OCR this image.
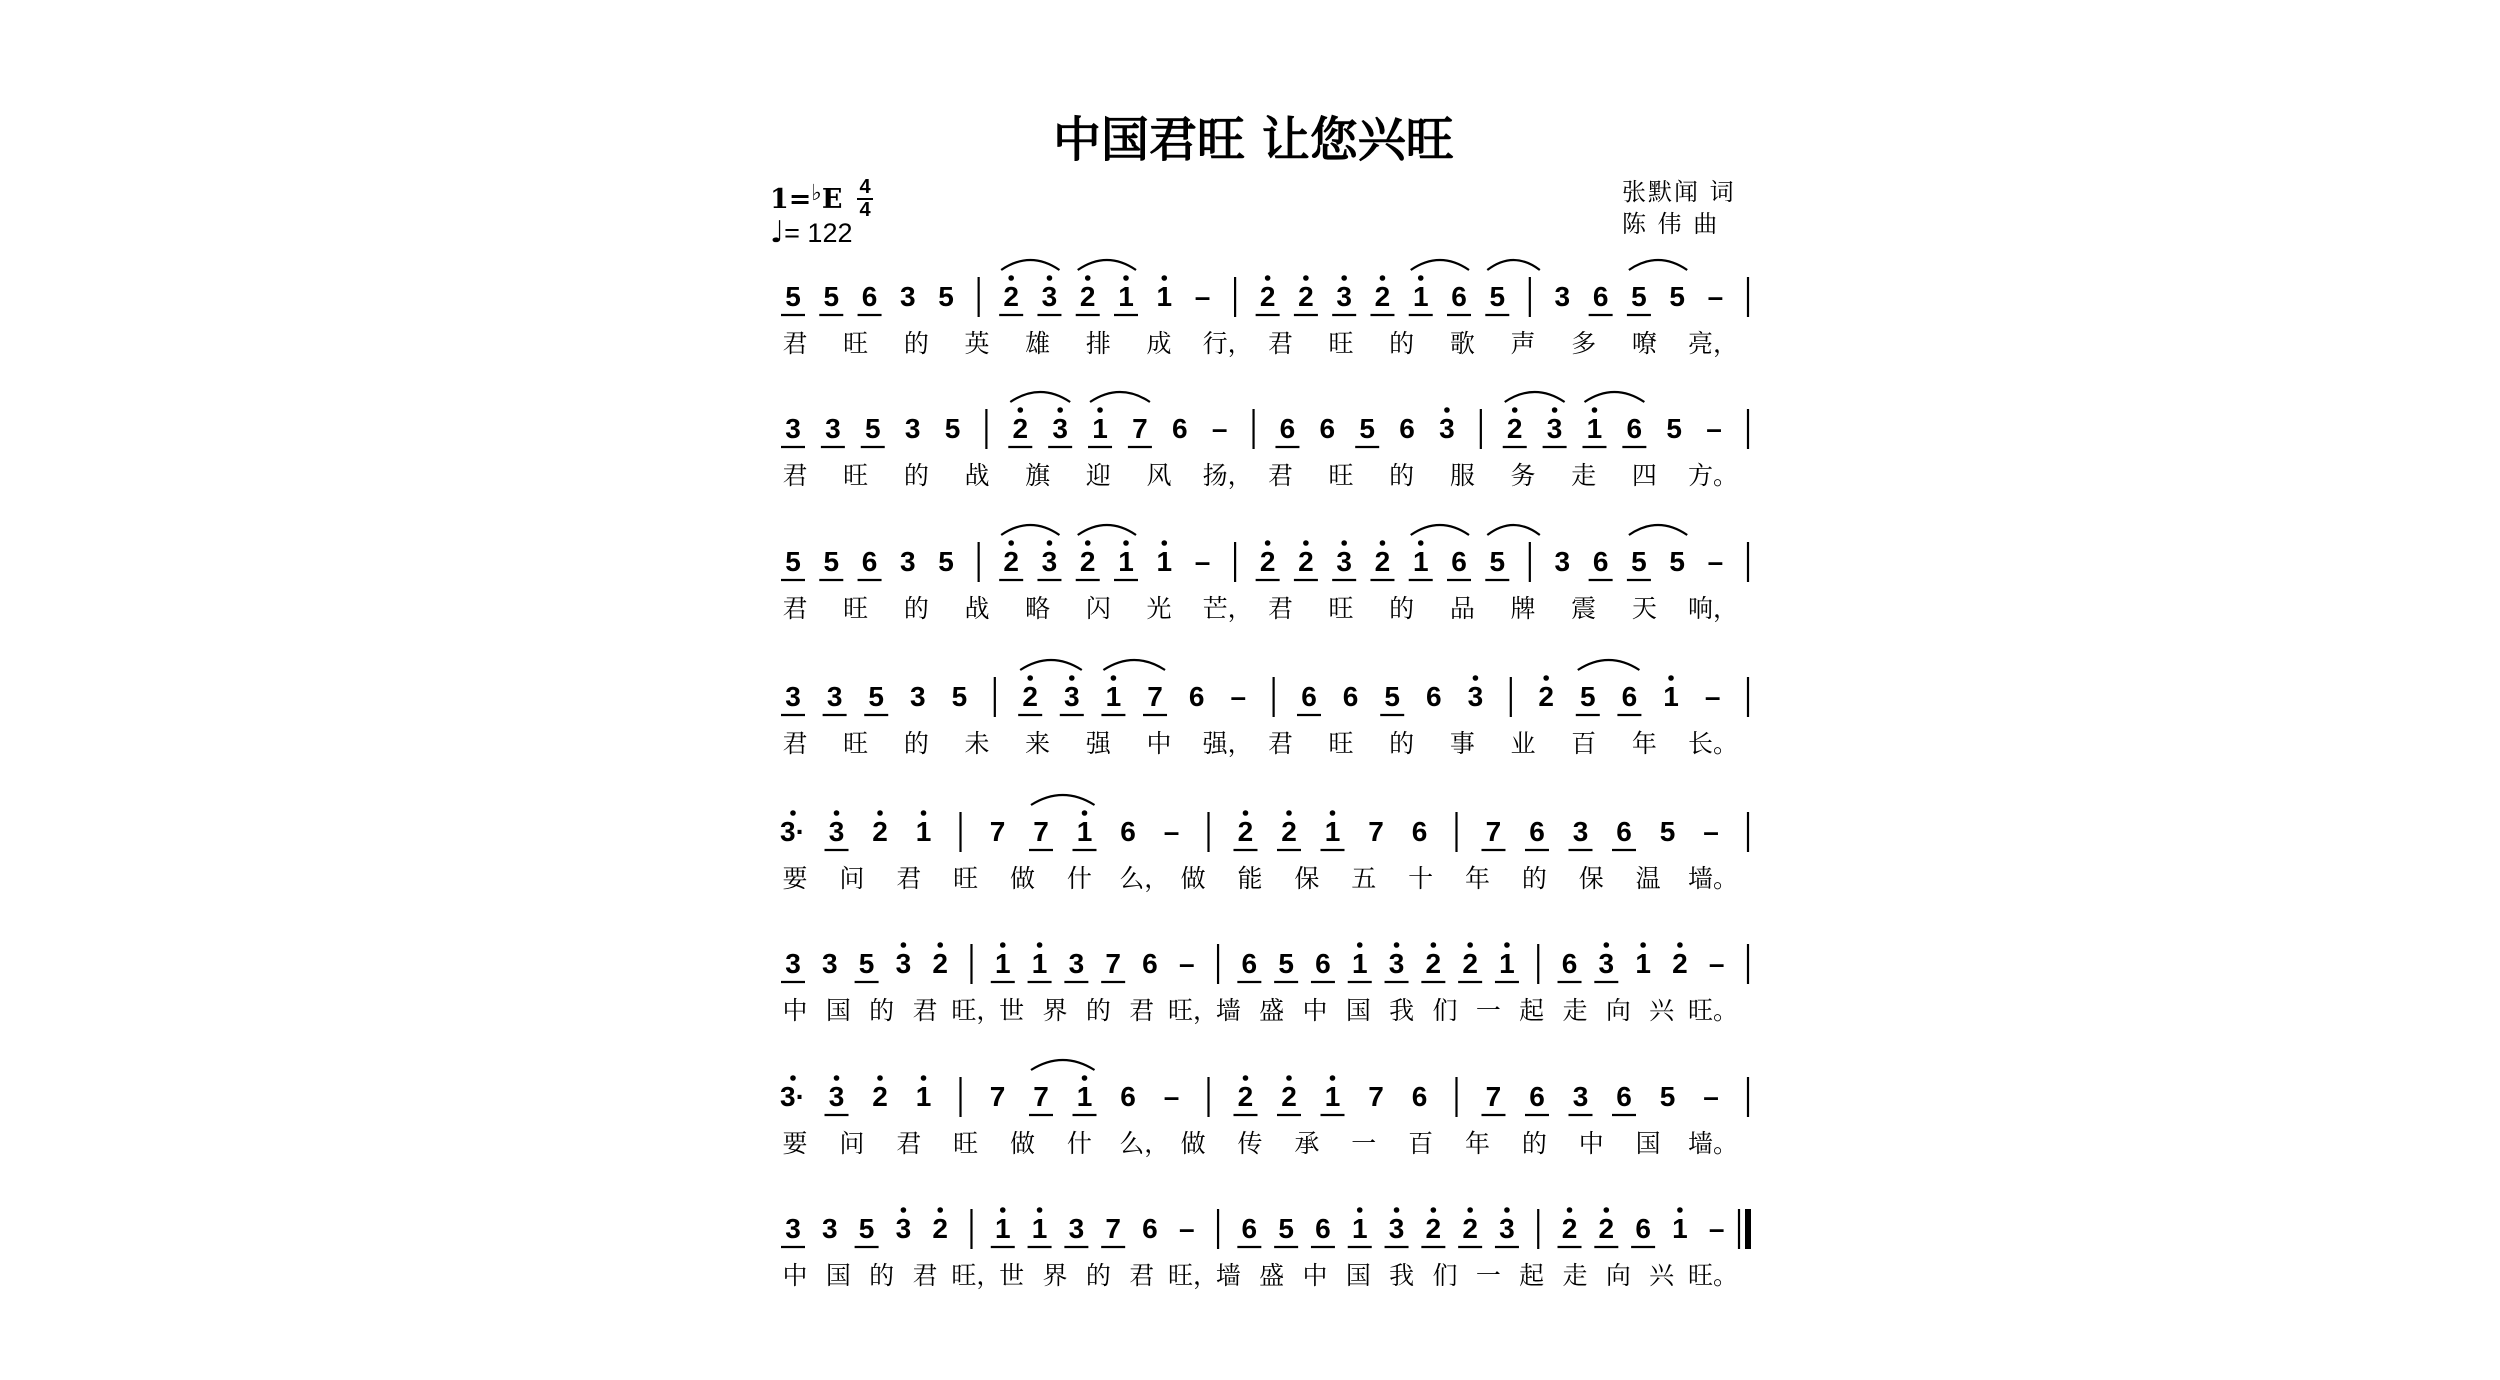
中国君旺 让您兴旺
1=♭E 4
4
♩= 122
张默闻 词
陈 伟 曲
5 5 6 3 5 2 3 2 1 1 – 2 2 3 2 1 6 5 3 6 5 5 –
君 旺 的 英 雄 排 成 行， 君 旺 的 歌 声 多 嘹 亮，
3 3 5 3 5 2 3 1 7 6 – 6 6 5 6 3 2 3 1 6 5 –
君 旺 的 战 旗 迎 风 扬， 君 旺 的 服 务 走 四 方。
5 5 6 3 5 2 3 2 1 1 – 2 2 3 2 1 6 5 3 6 5 5 –
君 旺 的 战 略 闪 光 芒， 君 旺 的 品 牌 震 天 响，
3 3 5 3 5 2 3 1 7 6 – 6 6 5 6 3 2 5 6 1 –
君 旺 的 未 来 强 中 强， 君 旺 的 事 业 百 年 长。
3· 3 2 1 7 7 1 6 – 2 2 1 7 6 7 6 3 6 5 –
要 问 君 旺 做 什 么， 做 能 保 五 十 年 的 保 温 墙。
3 3 5 3 2 1 1 3 7 6 – 6 5 6 1 3 2 2 1 6 3 1 2 –
中 国 的 君 旺，
世 界 的 君 旺，
墙 盛 中 国 我 们 一 起 走 向 兴 旺。
3· 3 2 1 7 7 1 6 – 2 2 1 7 6 7 6 3 6 5 –
要 问 君 旺 做 什 么， 做 传 承 一 百 年 的 中 国 墙。
3 3 5 3 2 1 1 3 7 6 – 6 5 6 1 3 2 2 3 2 2 6 1 –
中 国 的 君 旺，
世 界 的 君 旺，
墙 盛 中 国 我 们 一 起 走 向 兴 旺。
